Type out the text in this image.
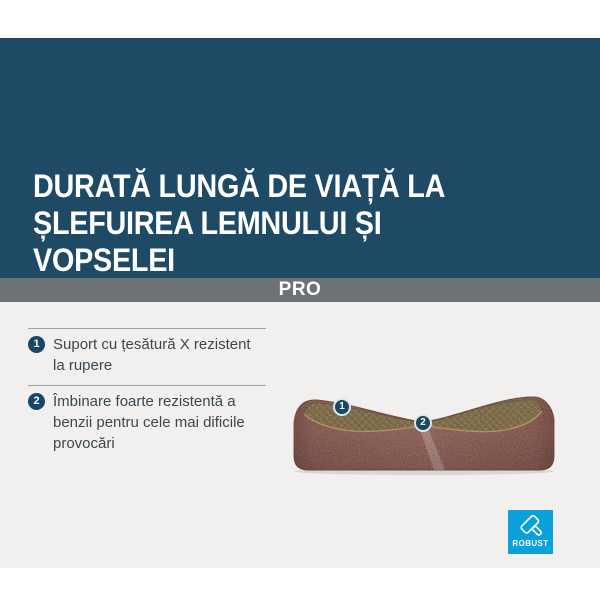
DURATĂ LUNGĂ DE VIAȚĂ LA
ȘLEFUIREA LEMNULUI ȘI
VOPSELEI
PRO
1 Suport cu țesătură X rezistent la rupere
2 Îmbinare foarte rezistentă a benzii pentru cele mai dificile provocări
1
2
ROBUST
